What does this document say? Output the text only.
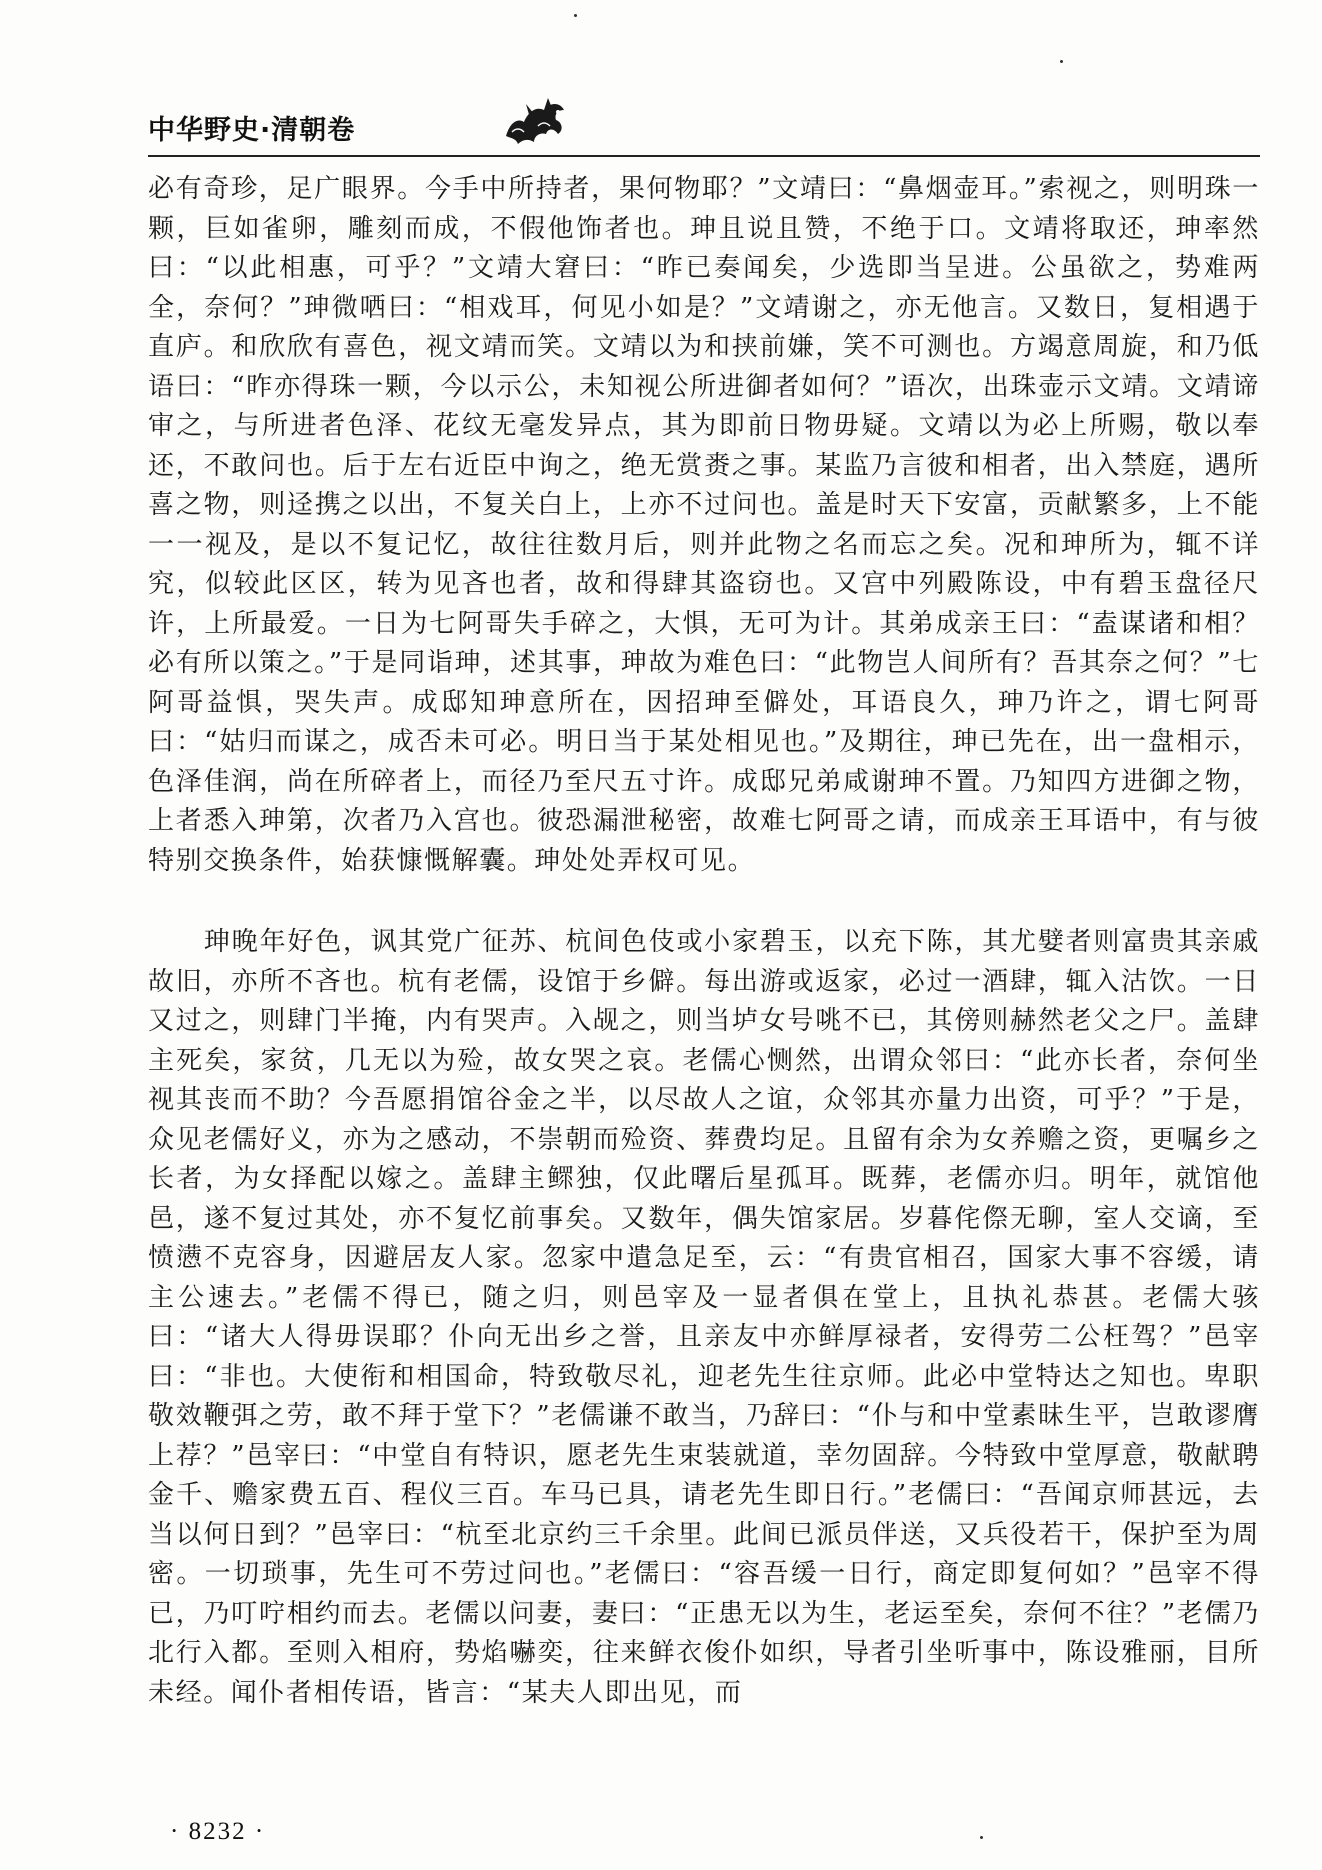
中华野史·清朝卷

必有奇珍，足广眼界。今手中所持者，果何物耶？”文靖曰：“鼻烟壶耳。”索视之，则明珠一颗，巨如雀卵，雕刻而成，不假他饰者也。珅且说且赞，不绝于口。文靖将取还，珅率然曰：“以此相惠，可乎？”文靖大窘曰：“昨已奏闻矣，少选即当呈进。公虽欲之，势难两全，奈何？”珅微哂曰：“相戏耳，何见小如是？”文靖谢之，亦无他言。又数日，复相遇于直庐。和欣欣有喜色，视文靖而笑。文靖以为和挟前嫌，笑不可测也。方竭意周旋，和乃低语曰：“昨亦得珠一颗，今以示公，未知视公所进御者如何？”语次，出珠壶示文靖。文靖谛审之，与所进者色泽、花纹无毫发异点，其为即前日物毋疑。文靖以为必上所赐，敬以奉还，不敢问也。后于左右近臣中询之，绝无赏赉之事。某监乃言彼和相者，出入禁庭，遇所喜之物，则迳携之以出，不复关白上，上亦不过问也。盖是时天下安富，贡献繁多，上不能一一视及，是以不复记忆，故往往数月后，则并此物之名而忘之矣。况和珅所为，辄不详究，似较此区区，转为见吝也者，故和得肆其盗窃也。又宫中列殿陈设，中有碧玉盘径尺许，上所最爱。一日为七阿哥失手碎之，大惧，无可为计。其弟成亲王曰：“盍谋诸和相？必有所以策之。”于是同诣珅，述其事，珅故为难色曰：“此物岂人间所有？吾其奈之何？”七阿哥益惧，哭失声。成邸知珅意所在，因招珅至僻处，耳语良久，珅乃许之，谓七阿哥曰：“姑归而谋之，成否未可必。明日当于某处相见也。”及期往，珅已先在，出一盘相示，色泽佳润，尚在所碎者上，而径乃至尺五寸许。成邸兄弟咸谢珅不置。乃知四方进御之物，上者悉入珅第，次者乃入宫也。彼恐漏泄秘密，故难七阿哥之请，而成亲王耳语中，有与彼特别交换条件，始获慷慨解囊。珅处处弄权可见。

珅晚年好色，讽其党广征苏、杭间色伎或小家碧玉，以充下陈，其尤嬖者则富贵其亲戚故旧，亦所不吝也。杭有老儒，设馆于乡僻。每出游或返家，必过一酒肆，辄入沽饮。一日又过之，则肆门半掩，内有哭声。入觇之，则当垆女号咷不已，其傍则赫然老父之尸。盖肆主死矣，家贫，几无以为殓，故女哭之哀。老儒心恻然，出谓众邻曰：“此亦长者，奈何坐视其丧而不助？今吾愿捐馆谷金之半，以尽故人之谊，众邻其亦量力出资，可乎？”于是，众见老儒好义，亦为之感动，不崇朝而殓资、葬费均足。且留有余为女养赡之资，更嘱乡之长者，为女择配以嫁之。盖肆主鳏独，仅此曙后星孤耳。既葬，老儒亦归。明年，就馆他邑，遂不复过其处，亦不复忆前事矣。又数年，偶失馆家居。岁暮侘傺无聊，室人交谪，至愤懑不克容身，因避居友人家。忽家中遣急足至，云：“有贵官相召，国家大事不容缓，请主公速去。”老儒不得已，随之归，则邑宰及一显者俱在堂上，且执礼恭甚。老儒大骇曰：“诸大人得毋误耶？仆向无出乡之誉，且亲友中亦鲜厚禄者，安得劳二公枉驾？”邑宰曰：“非也。大使衔和相国命，特致敬尽礼，迎老先生往京师。此必中堂特达之知也。卑职敬效鞭弭之劳，敢不拜于堂下？”老儒谦不敢当，乃辞曰：“仆与和中堂素昧生平，岂敢谬膺上荐？”邑宰曰：“中堂自有特识，愿老先生束装就道，幸勿固辞。今特致中堂厚意，敬献聘金千、赡家费五百、程仪三百。车马已具，请老先生即日行。”老儒曰：“吾闻京师甚远，去当以何日到？”邑宰曰：“杭至北京约三千余里。此间已派员伴送，又兵役若干，保护至为周密。一切琐事，先生可不劳过问也。”老儒曰：“容吾缓一日行，商定即复何如？”邑宰不得已，乃叮咛相约而去。老儒以问妻，妻曰：“正患无以为生，老运至矣，奈何不往？”老儒乃北行入都。至则入相府，势焰嚇奕，往来鲜衣俊仆如织，导者引坐听事中，陈设雅丽，目所未经。闻仆者相传语，皆言：“某夫人即出见，而

· 8232 ·
